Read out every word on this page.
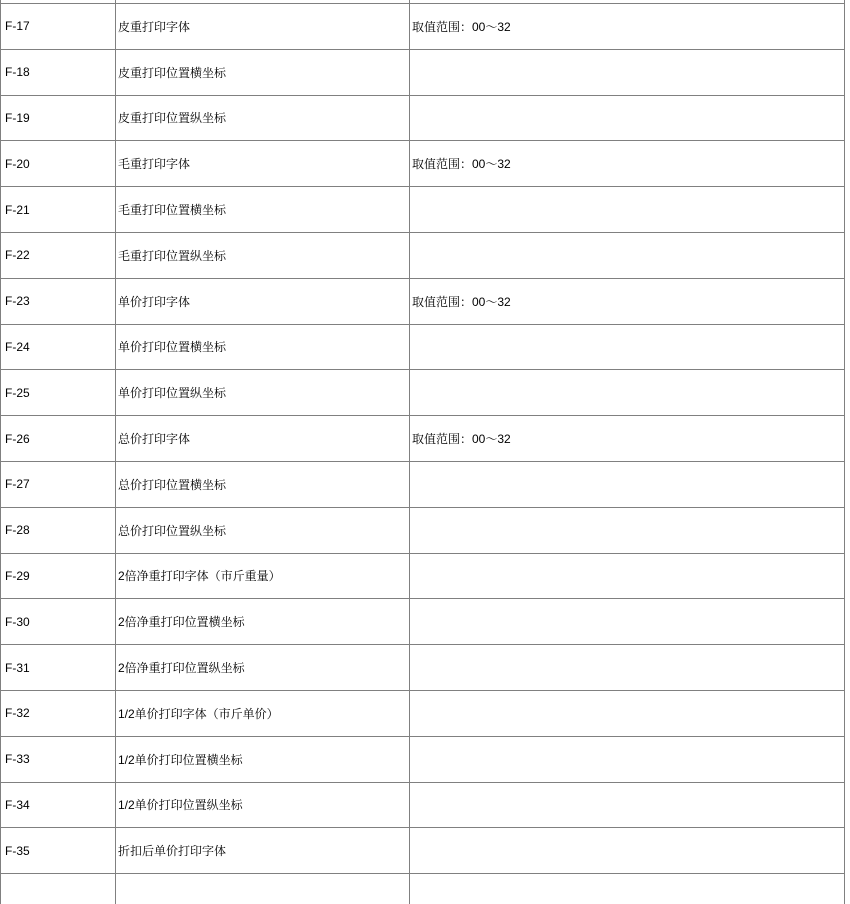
F-17	皮重打印字体	取值范围：00～32
F-18	皮重打印位置横坐标	
F-19	皮重打印位置纵坐标	
F-20	毛重打印字体	取值范围：00～32
F-21	毛重打印位置横坐标	
F-22	毛重打印位置纵坐标	
F-23	单价打印字体	取值范围：00～32
F-24	单价打印位置横坐标	
F-25	单价打印位置纵坐标	
F-26	总价打印字体	取值范围：00～32
F-27	总价打印位置横坐标	
F-28	总价打印位置纵坐标	
F-29	2倍净重打印字体（市斤重量）	
F-30	2倍净重打印位置横坐标	
F-31	2倍净重打印位置纵坐标	
F-32	1/2单价打印字体（市斤单价）	
F-33	1/2单价打印位置横坐标	
F-34	1/2单价打印位置纵坐标	
F-35	折扣后单价打印字体	
